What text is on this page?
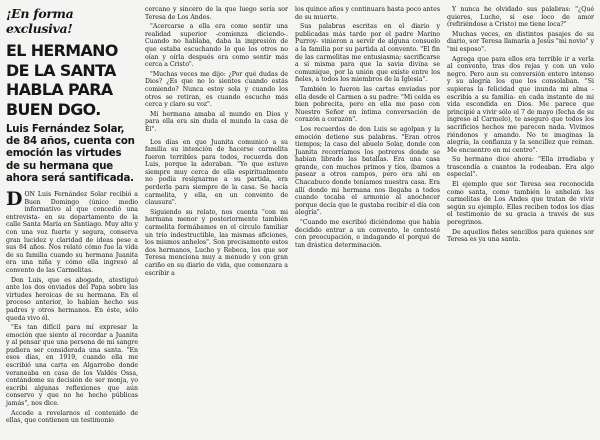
¡En forma exclusiva!
EL HERMANO DE LA SANTA HABLA PARA BUEN DGO.
Luis Fernández Solar, de 84 años, cuenta con emoción las virtudes de su hermana que ahora será santificada.

DON Luis Fernández Solar recibió a Buen Domingo (único medio informativo al que concedió una entrevista- en su departamento de la calle Santa María en Santiago. Muy alto y con una voz fuerte y segura, conserva gran lucidez y claridad de ideas pese a sus 84 años. Nos relató cómo fue la vida de su familia cuando su hermana Juanita era una niña y cómo ella ingresó al convento de las Carmelitas.

Don Luis, que es abogado, atestiguó ante los dos enviados del Papa sobre las virtudes heroicas de su hermana. En el proceso anterior, lo habían hecho sus padres y otros hermanos. En éste, sólo queda vivo él.

"Es tan difícil para mí expresar la emoción que siento al recordar a Juanita y al pensar que una persona de mi sangre pudiera ser considerada una santa. "En esos días, en 1919, cuando ella me escribió una carta en Algarrobo donde veraneaba en casa de los Valdés Ossa, contándome su decisión de ser monja, yo escribí algunas reflexiones que aún conservo y que no he hecho públicas jamás", nos dice.

Accede a revelarnos el contenido de ellas, que contienen un testimonio

cercano y sincero de la que luego sería sor Teresa de Los Andes.

"Acercarse a ella era como sentir una realidad superior -comienza diciendo-. Cuando no hablaba, daba la impresión de que estaba escuchando lo que los otros no oían y oírla después era como sentir más cerca a Cristo".

"Muchas veces me dijo: ¿Por qué dudas de Dios? ¿Es que no lo sientes cuando estás comiendo? Nunca estoy sola y cuando los otros se retiran, es cuando escucho más cerca y claro su voz".

Mi hermana amaba al mundo en Dios y para ella era sin duda el mundo la casa de Él".

Los días en que Juanita comunicó a su familia su intención de hacerse carmelita fueron terribles para todos, recuerda don Luis, porque la adoraban. "Yo que estuve siempre muy cerca de ella espiritualmente no podía resignarme a su partida, era perderla para siempre de la casa. Se hacía carmelita, y ella, en un convento de clausura".

Siguiendo su relato, nos cuenta "con mi hermana menor y posteriormente también carmelita formábamos en el círculo familiar un trío indestructible, las mismas aficiones, los mismos anhelos". Son precisamente estos dos hermanos, Lucho y Rebeca, los que sor Teresa menciona muy a menudo y con gran cariño en su diario de vida, que comenzara a escribir a

los quince años y continuara hasta poco antes de su muerte.

Sus palabras escritas en el diario y publicadas más tarde por el padre Marino Purroy- vinieron a servir de alguna consuelo a la familia por su partida al convento. "El fin de las carmelitas me entusiasma; sacrificarse a sí misma para que la savia divina se comunique, por la unión que existe entre los fieles, a todos los miembros de la Iglesia".

También lo fueron las cartas enviadas por ella desde el Carmen a su padre: "Mi celda es bien pobrecita, pero en ella me paso con Nuestro Señor en íntima conversación de corazón a corazón".

Los recuerdos de don Luis se agolpan y la emoción detiene sus palabras. "Eran otros tiempos; la casa del abuelo Solar, donde con Juanita recorríamos los potreros donde se habían librado las batallas. Era una casa grande, con muchos primos y tíos, íbamos a pasear a otros campos, pero era ahí en Chacabuco donde teníamos nuestra casa. Era allí donde mi hermana nos llegaba a todos cuando tocaba el armonio al anochecer porque decía que le gustaba recibir el día con alegría".

"Cuando me escribió diciéndome que había decidido entrar a un convento, le contesté con preocupación, e indagando el porqué de tan drástica determinación.

Y nunca he olvidado sus palabras: "¿Qué quieres, Lucho, si ese loco de amor (refiriéndose a Cristo) me tiene loca?"

Muchas veces, en distintos pasajes de su diario, sor Teresa llamaría a Jesús "mi novio" y "mi esposo".

Agrega que para ellos era terrible ir a verla al convento, tras dos rejas y con un velo negro. Pero aun su conversión entero intenso y su alegría los que los consolaban. "Si supieras la felicidad que inunda mi alma -escribía a su familia- en cada instante de mi vida escondida en Dios. Me parece que principié a vivir sólo el 7 de mayo (fecha de su ingreso al Carmelo), te aseguro que todos los sacrificios hechos me parecen nada. Vivimos riéndonos y amando. No te imaginas la alegría, la confianza y la sencillez que reinan. Me encuentro en mi centro".

Su hermano dice ahora: "Ella irradiaba y trascendía a cuantos la rodeaban. Era algo especial".

El ejemplo que sor Teresa sea reconocida como santa, como también lo anhelan las carmelitas de Los Andes que tratan de vivir según su ejemplo. Ellas reciben todos los días el testimonio de su gracia a través de sus peregrinos.

De aquellos fieles sencillos para quienes sor Teresa es ya una santa.
